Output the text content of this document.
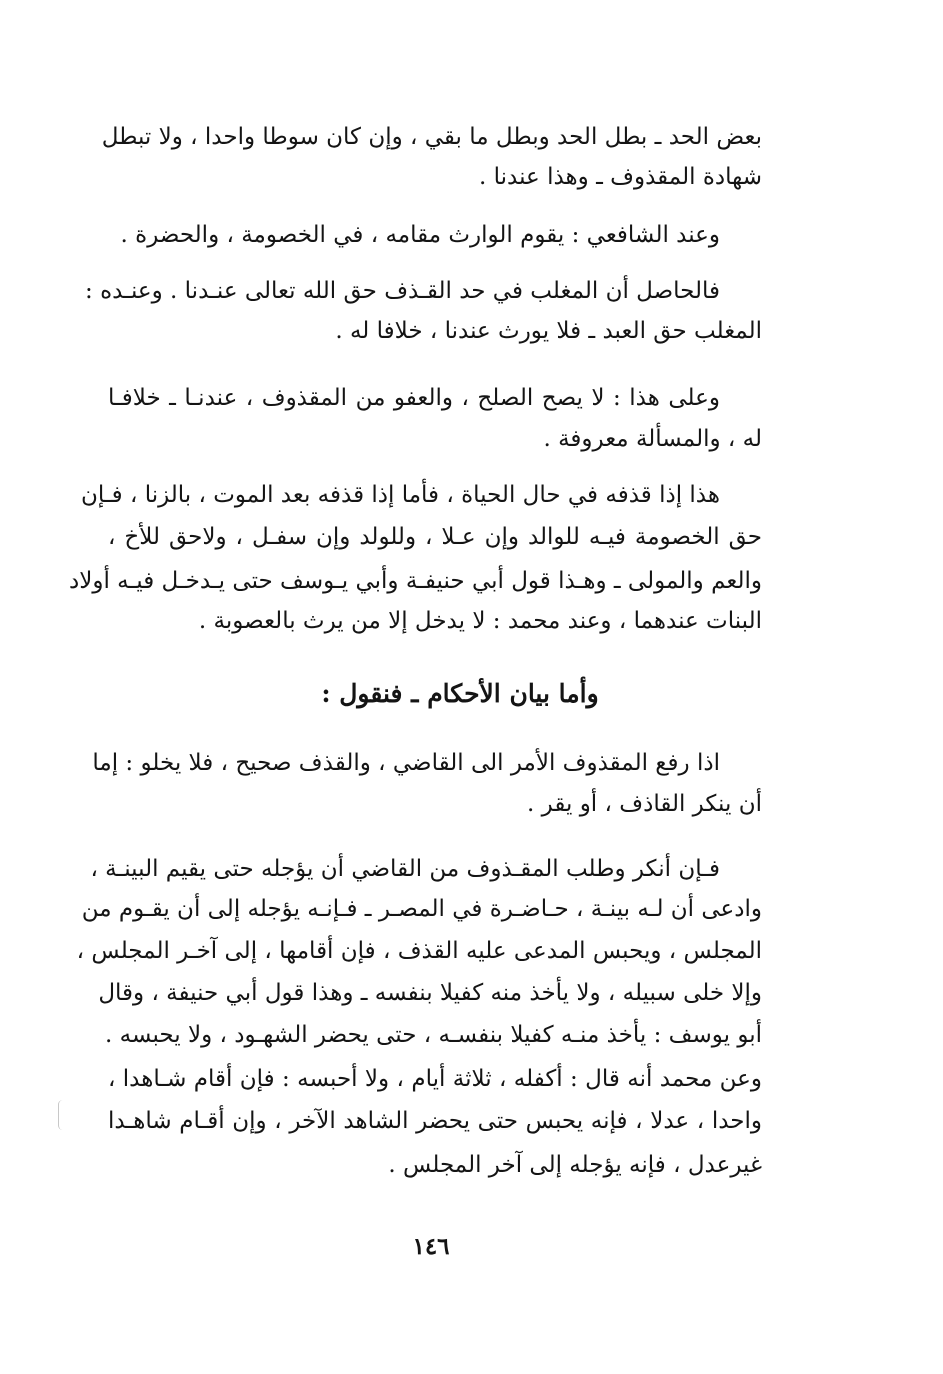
بعض الحد ـ بطل الحد وبطل ما بقي ، وإن كان سوطا واحدا ، ولا تبطل
شهادة المقذوف ـ وهذا عندنا .
وعند الشافعي : يقوم الوارث مقامه ، في الخصومة ، والحضرة .
فالحاصل أن المغلب في حد القـذف حق الله تعالى عنـدنا . وعنـده :
المغلب حق العبد ـ فلا يورث عندنا ، خلافا له .
وعلى هذا : لا يصح الصلح ، والعفو من المقذوف ، عندنـا ـ خلافـا
له ، والمسألة معروفة .
هذا إذا قذفه في حال الحياة ، فأما إذا قذفه بعد الموت ، بالزنا ، فـإن
حق الخصومة فيـه للوالد وإن عـلا ، وللولد وإن سفـل ، ولاحق للأخ ،
والعم والمولى ـ وهـذا قول أبي حنيفـة وأبي يـوسف حتى يـدخـل فيـه أولاد
البنات عندهما ، وعند محمد : لا يدخل إلا من يرث بالعصوبة .
وأما بيان الأحكام ـ فنقول :
اذا رفع المقذوف الأمر الى القاضي ، والقذف صحيح ، فلا يخلو : إما
أن ينكر القاذف ، أو يقر .
فـإن أنكر وطلب المقـذوف من القاضي أن يؤجله حتى يقيم البينـة ،
وادعى أن لـه بينـة ، حـاضـرة في المصـر ـ فـإنـه يؤجله إلى أن يقـوم من
المجلس ، ويحبس المدعى عليه القذف ، فإن أقامها ، إلى آخـر المجلس ،
وإلا خلى سبيله ، ولا يأخذ منه كفيلا بنفسه ـ وهذا قول أبي حنيفة ، وقال
أبو يوسف : يأخذ منـه كفيلا بنفسـه ، حتى يحضر الشهـود ، ولا يحبسه .
وعن محمد أنه قال : أكفله ، ثلاثة أيام ، ولا أحبسه : فإن أقام شـاهدا ،
واحدا ، عدلا ، فإنه يحبس حتى يحضر الشاهد الآخر ، وإن أقـام شاهـدا
غيرعدل ، فإنه يؤجله إلى آخر المجلس .
١٤٦
